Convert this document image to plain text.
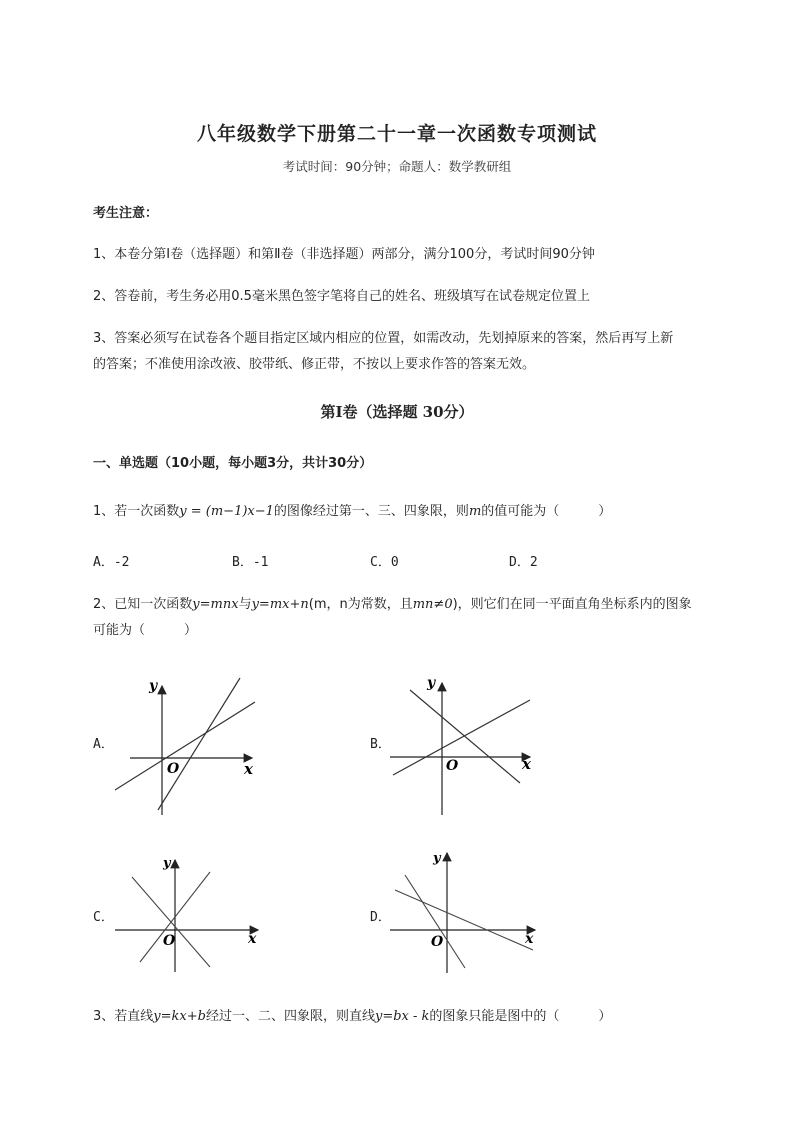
八年级数学下册第二十一章一次函数专项测试
考试时间：90分钟；命题人：数学教研组
考生注意：
1、本卷分第I卷（选择题）和第Ⅱ卷（非选择题）两部分，满分100分，考试时间90分钟
2、答卷前，考生务必用0.5毫米黑色签字笔将自己的姓名、班级填写在试卷规定位置上
3、答案必须写在试卷各个题目指定区域内相应的位置，如需改动，先划掉原来的答案，然后再写上新
的答案；不准使用涂改液、胶带纸、修正带，不按以上要求作答的答案无效。
第I卷（选择题 30分）
一、单选题（10小题，每小题3分，共计30分）
1、若一次函数y = (m−1)x−1的图像经过第一、三、四象限，则m的值可能为（　　　）
A．-2	B．-1	C．0	D．2
2、已知一次函数y=mnx与y=mx+n(m，n为常数，且mn≠0)，则它们在同一平面直角坐标系内的图象
可能为（　　　）
A．	B．
C．	D．
y
x
O
y
x
O
y
x
O
y
x
O
3、若直线y=kx+b经过一、二、四象限，则直线y=bx - k的图象只能是图中的（　　　）
